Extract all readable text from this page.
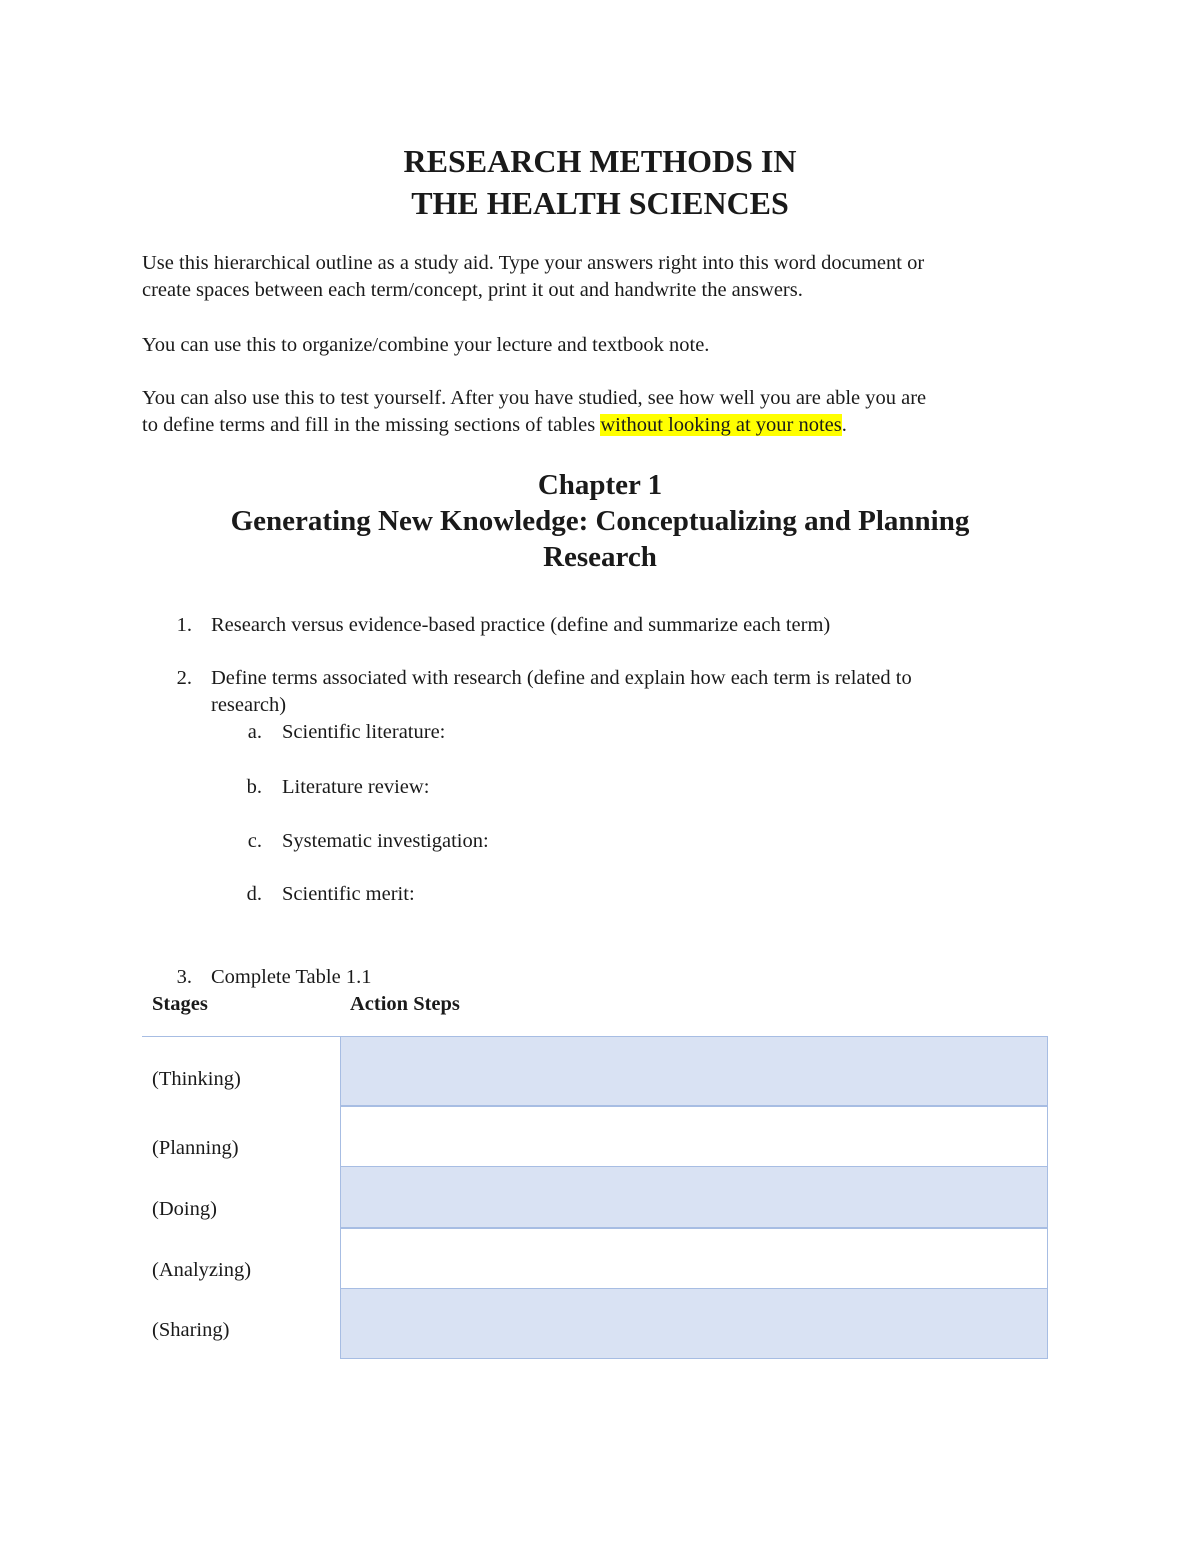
RESEARCH METHODS IN
THE HEALTH SCIENCES
Use this hierarchical outline as a study aid. Type your answers right into this word document or
create spaces between each term/concept, print it out and handwrite the answers.
You can use this to organize/combine your lecture and textbook note.
You can also use this to test yourself. After you have studied, see how well you are able you are
to define terms and fill in the missing sections of tables without looking at your notes.
Chapter 1
Generating New Knowledge: Conceptualizing and Planning
Research
1. Research versus evidence-based practice (define and summarize each term)
2. Define terms associated with research (define and explain how each term is related to
research)
a. Scientific literature:
b. Literature review:
c. Systematic investigation:
d. Scientific merit:
3. Complete Table 1.1
Stages	Action Steps
(Thinking)
(Planning)
(Doing)
(Analyzing)
(Sharing)
